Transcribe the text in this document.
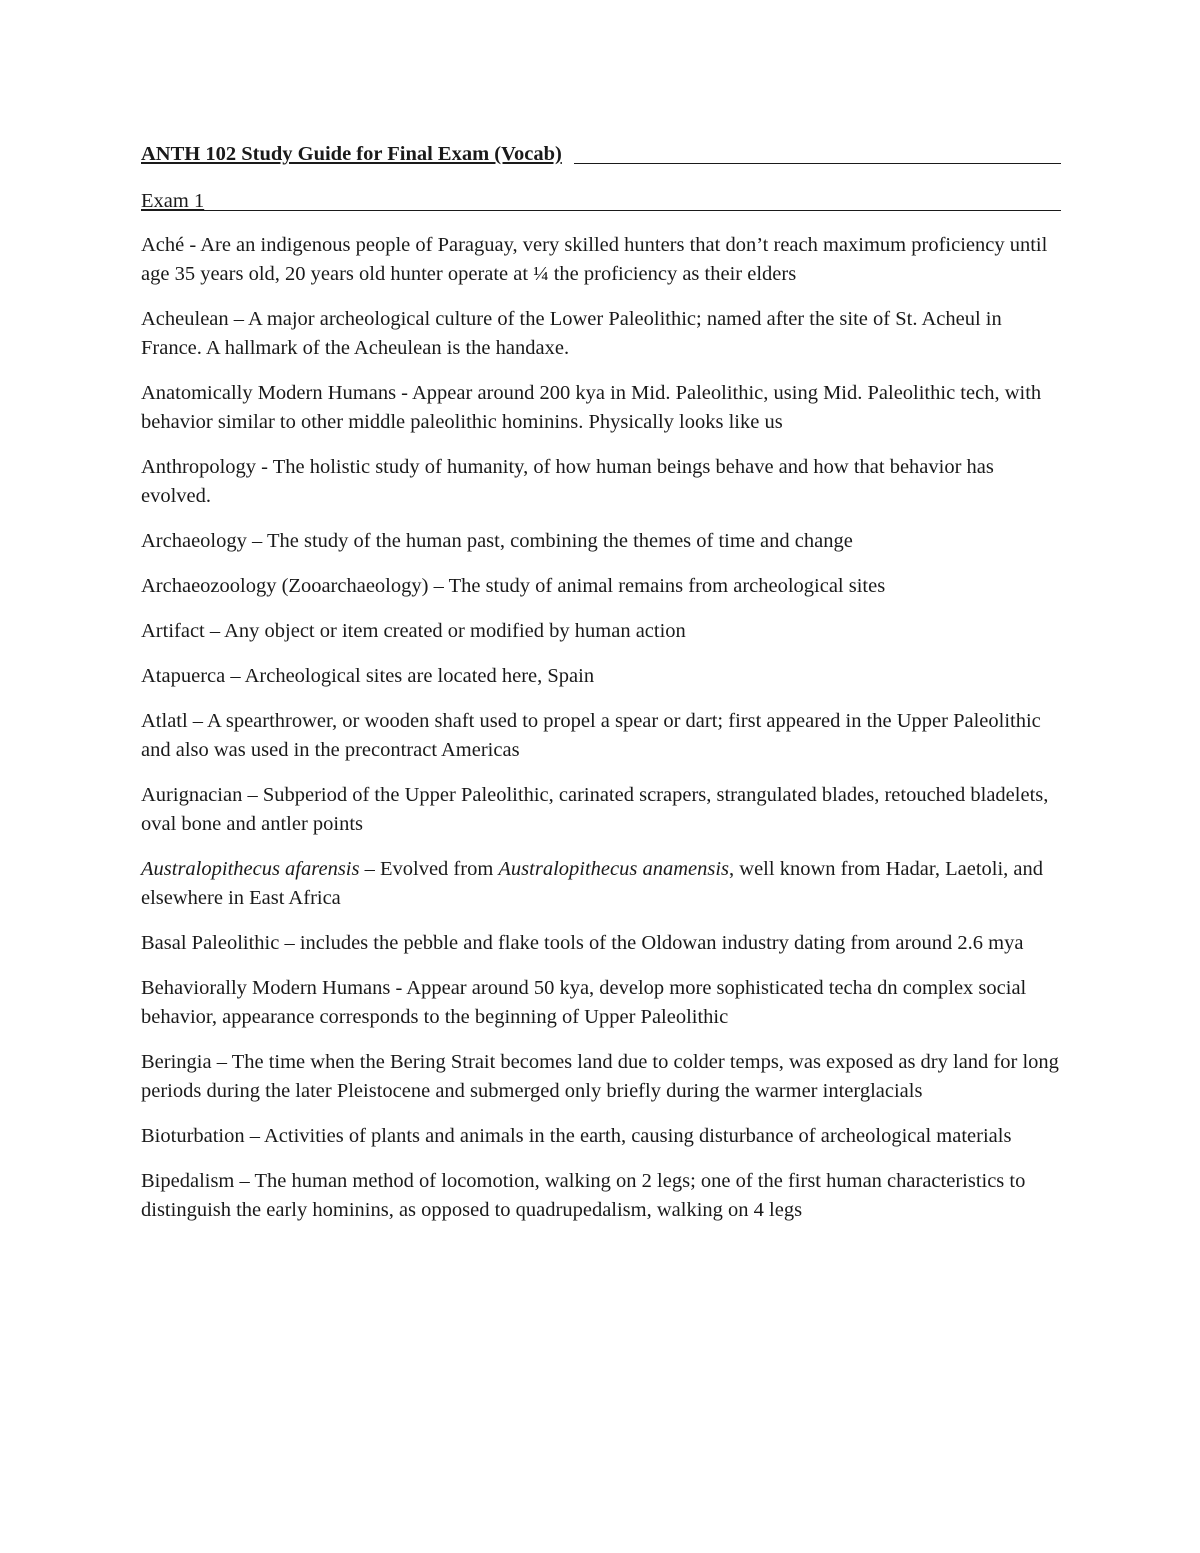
ANTH 102 Study Guide for Final Exam (Vocab)
Exam 1

Aché - Are an indigenous people of Paraguay, very skilled hunters that don’t reach maximum proficiency until age 35 years old, 20 years old hunter operate at ¼ the proficiency as their elders

Acheulean – A major archeological culture of the Lower Paleolithic; named after the site of St. Acheul in France. A hallmark of the Acheulean is the handaxe.

Anatomically Modern Humans - Appear around 200 kya in Mid. Paleolithic, using Mid. Paleolithic tech, with behavior similar to other middle paleolithic hominins. Physically looks like us

Anthropology - The holistic study of humanity, of how human beings behave and how that behavior has evolved.

Archaeology – The study of the human past, combining the themes of time and change

Archaeozoology (Zooarchaeology) – The study of animal remains from archeological sites

Artifact – Any object or item created or modified by human action

Atapuerca – Archeological sites are located here, Spain

Atlatl – A spearthrower, or wooden shaft used to propel a spear or dart; first appeared in the Upper Paleolithic and also was used in the precontract Americas

Aurignacian – Subperiod of the Upper Paleolithic, carinated scrapers, strangulated blades, retouched bladelets, oval bone and antler points

Australopithecus afarensis – Evolved from Australopithecus anamensis, well known from Hadar, Laetoli, and elsewhere in East Africa

Basal Paleolithic – includes the pebble and flake tools of the Oldowan industry dating from around 2.6 mya

Behaviorally Modern Humans - Appear around 50 kya, develop more sophisticated techa dn complex social behavior, appearance corresponds to the beginning of Upper Paleolithic

Beringia – The time when the Bering Strait becomes land due to colder temps, was exposed as dry land for long periods during the later Pleistocene and submerged only briefly during the warmer interglacials

Bioturbation – Activities of plants and animals in the earth, causing disturbance of archeological materials

Bipedalism – The human method of locomotion, walking on 2 legs; one of the first human characteristics to distinguish the early hominins, as opposed to quadrupedalism, walking on 4 legs
